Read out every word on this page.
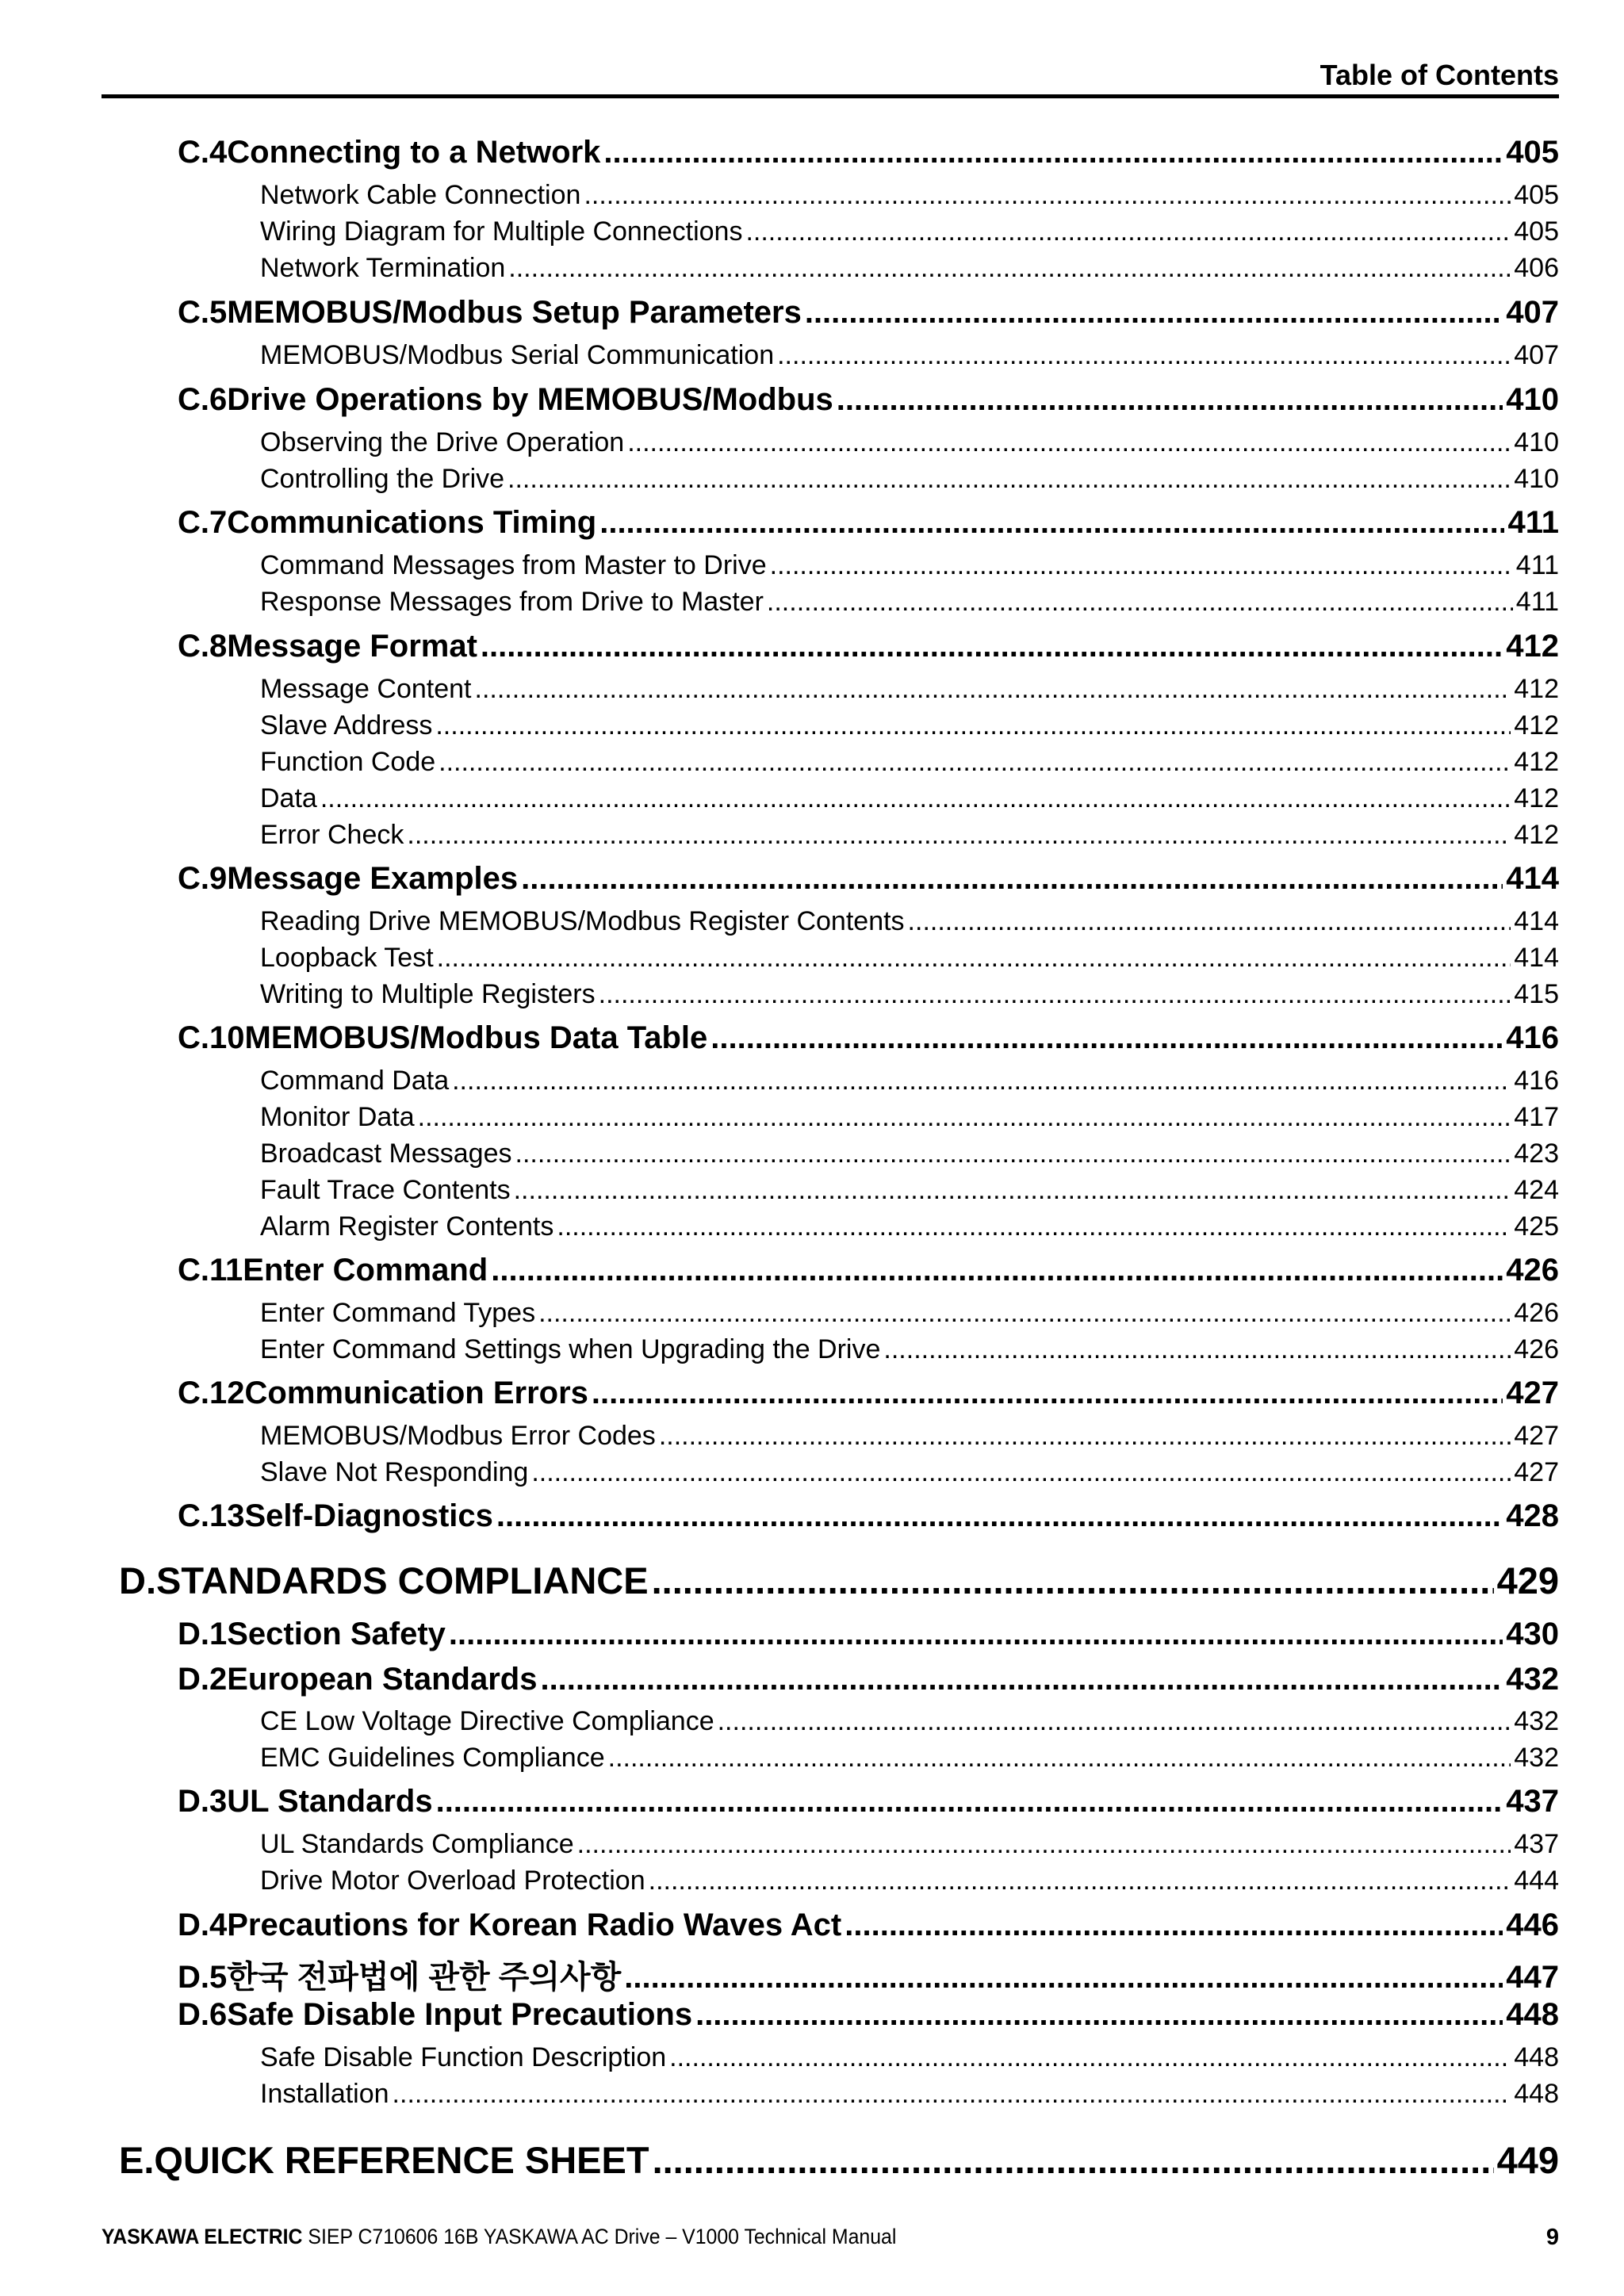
Table of Contents
C.4 Connecting to a Network .....	405
Network Cable Connection .....	405
Wiring Diagram for Multiple Connections .....	405
Network Termination .....	406
C.5 MEMOBUS/Modbus Setup Parameters .....	407
MEMOBUS/Modbus Serial Communication .....	407
C.6 Drive Operations by MEMOBUS/Modbus .....	410
Observing the Drive Operation .....	410
Controlling the Drive .....	410
C.7 Communications Timing .....	411
Command Messages from Master to Drive .....	411
Response Messages from Drive to Master .....	411
C.8 Message Format .....	412
Message Content .....	412
Slave Address .....	412
Function Code .....	412
Data .....	412
Error Check .....	412
C.9 Message Examples .....	414
Reading Drive MEMOBUS/Modbus Register Contents .....	414
Loopback Test .....	414
Writing to Multiple Registers .....	415
C.10 MEMOBUS/Modbus Data Table .....	416
Command Data .....	416
Monitor Data .....	417
Broadcast Messages .....	423
Fault Trace Contents .....	424
Alarm Register Contents .....	425
C.11 Enter Command .....	426
Enter Command Types .....	426
Enter Command Settings when Upgrading the Drive .....	426
C.12 Communication Errors .....	427
MEMOBUS/Modbus Error Codes .....	427
Slave Not Responding .....	427
C.13 Self-Diagnostics .....	428
D. STANDARDS COMPLIANCE .....	429
D.1 Section Safety .....	430
D.2 European Standards .....	432
CE Low Voltage Directive Compliance .....	432
EMC Guidelines Compliance .....	432
D.3 UL Standards .....	437
UL Standards Compliance .....	437
Drive Motor Overload Protection .....	444
D.4 Precautions for Korean Radio Waves Act .....	446
D.5 한국 전파법에 관한 주의사항 .....	447
D.6 Safe Disable Input Precautions .....	448
Safe Disable Function Description .....	448
Installation .....	448
E. QUICK REFERENCE SHEET .....	449
YASKAWA ELECTRIC SIEP C710606 16B YASKAWA AC Drive – V1000 Technical Manual	9
